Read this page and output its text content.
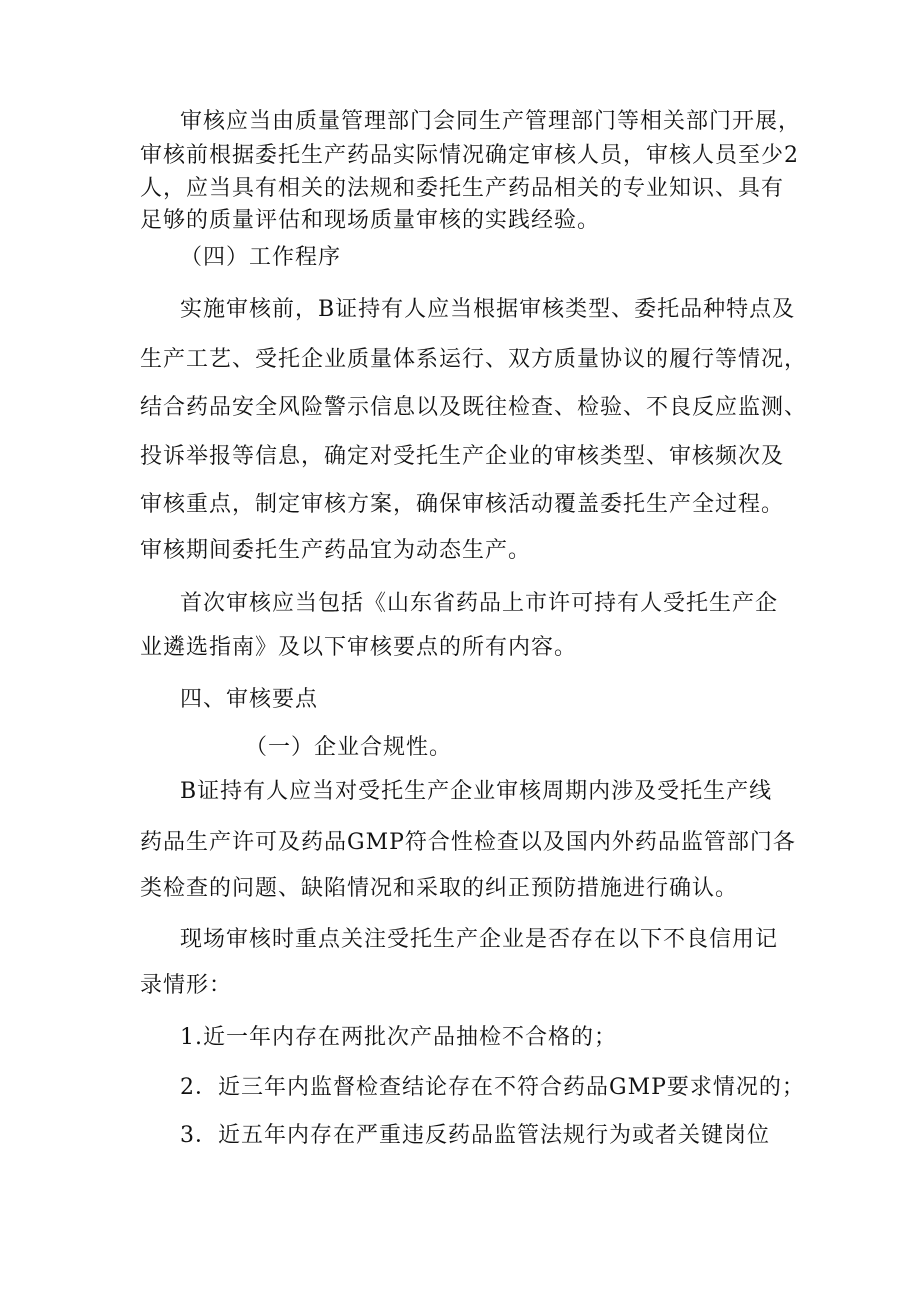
审核应当由质量管理部门会同生产管理部门等相关部门开展，
审核前根据委托生产药品实际情况确定审核人员，审核人员至少2
人，应当具有相关的法规和委托生产药品相关的专业知识、具有
足够的质量评估和现场质量审核的实践经验。
（四）工作程序
实施审核前，B证持有人应当根据审核类型、委托品种特点及
生产工艺、受托企业质量体系运行、双方质量协议的履行等情况，
结合药品安全风险警示信息以及既往检查、检验、不良反应监测、
投诉举报等信息，确定对受托生产企业的审核类型、审核频次及
审核重点，制定审核方案，确保审核活动覆盖委托生产全过程。
审核期间委托生产药品宜为动态生产。
首次审核应当包括《山东省药品上市许可持有人受托生产企
业遴选指南》及以下审核要点的所有内容。
四、审核要点
（一）企业合规性。
B证持有人应当对受托生产企业审核周期内涉及受托生产线
药品生产许可及药品GMP符合性检查以及国内外药品监管部门各
类检查的问题、缺陷情况和采取的纠正预防措施进行确认。
现场审核时重点关注受托生产企业是否存在以下不良信用记
录情形：
1.近一年内存在两批次产品抽检不合格的；
2．近三年内监督检查结论存在不符合药品GMP要求情况的；
3．近五年内存在严重违反药品监管法规行为或者关键岗位
